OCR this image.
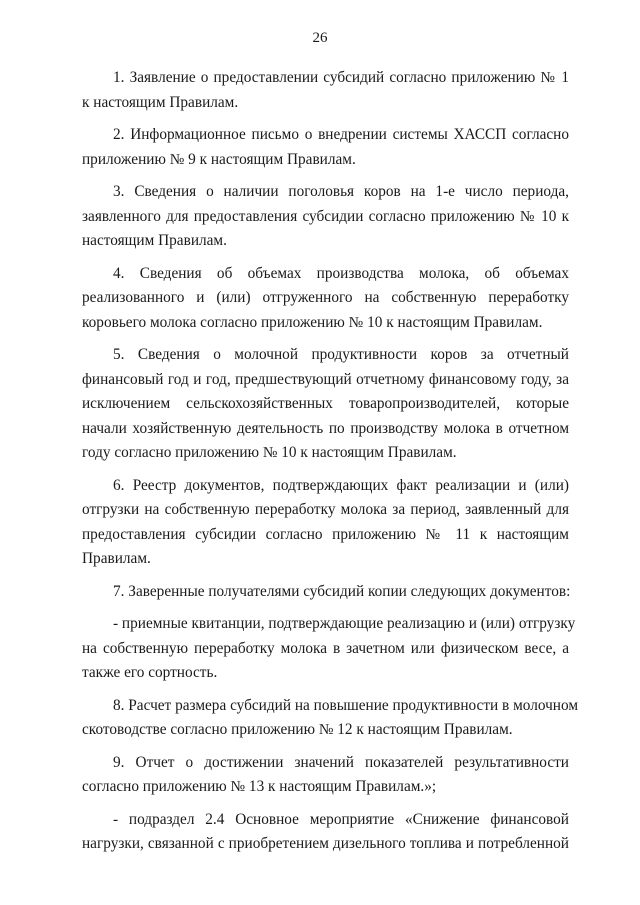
26
1. Заявление о предоставлении субсидий согласно приложению № 1
к настоящим Правилам.
2. Информационное письмо о внедрении системы ХАССП согласно
приложению № 9 к настоящим Правилам.
3. Сведения о наличии поголовья коров на 1-е число периода,
заявленного для предоставления субсидии согласно приложению № 10 к
настоящим Правилам.
4. Сведения об объемах производства молока, об объемах
реализованного и (или) отгруженного на собственную переработку
коровьего молока согласно приложению № 10 к настоящим Правилам.
5. Сведения о молочной продуктивности коров за отчетный
финансовый год и год, предшествующий отчетному финансовому году, за
исключением сельскохозяйственных товаропроизводителей, которые
начали хозяйственную деятельность по производству молока в отчетном
году согласно приложению № 10 к настоящим Правилам.
6. Реестр документов, подтверждающих факт реализации и (или)
отгрузки на собственную переработку молока за период, заявленный для
предоставления субсидии согласно приложению № 11 к настоящим
Правилам.
7. Заверенные получателями субсидий копии следующих документов:
- приемные квитанции, подтверждающие реализацию и (или) отгрузку
на собственную переработку молока в зачетном или физическом весе, а
также его сортность.
8. Расчет размера субсидий на повышение продуктивности в молочном
скотоводстве согласно приложению № 12 к настоящим Правилам.
9. Отчет о достижении значений показателей результативности
согласно приложению № 13 к настоящим Правилам.»;
- подраздел 2.4 Основное мероприятие «Снижение финансовой
нагрузки, связанной с приобретением дизельного топлива и потребленной
